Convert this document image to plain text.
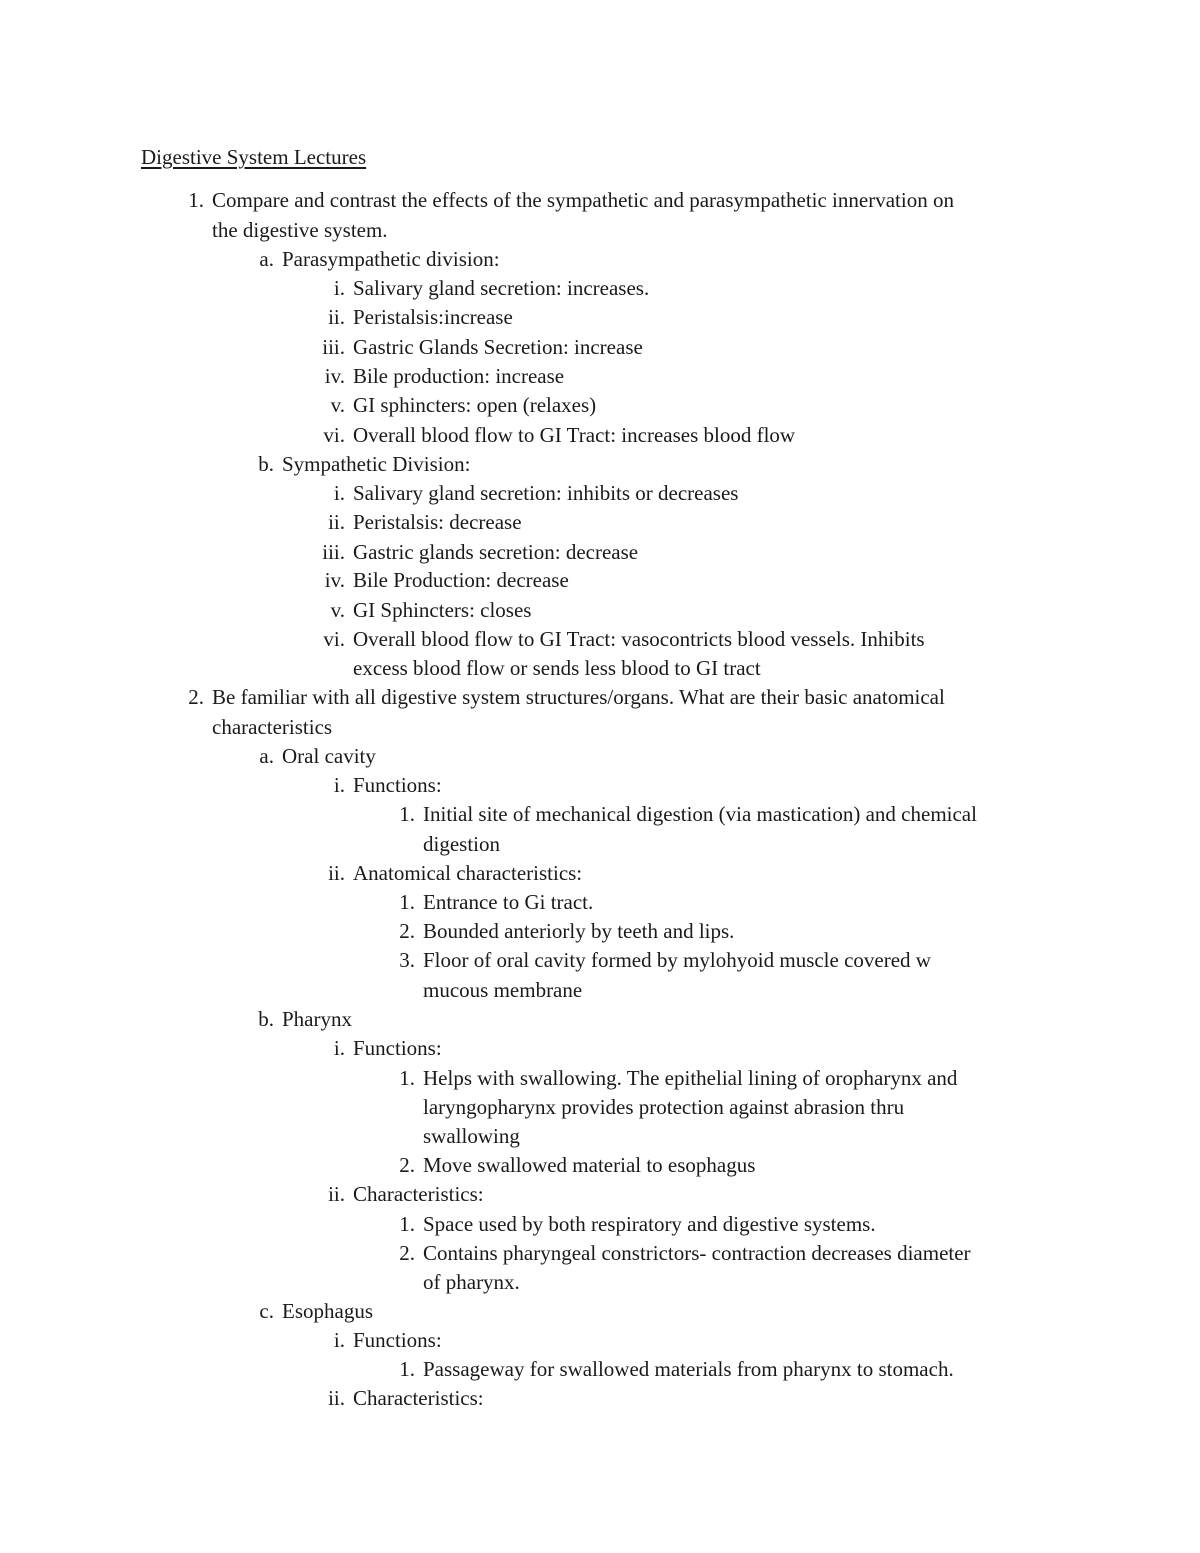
Digestive System Lectures
1. Compare and contrast the effects of the sympathetic and parasympathetic innervation on
the digestive system.
a. Parasympathetic division:
i. Salivary gland secretion: increases.
ii. Peristalsis:increase
iii. Gastric Glands Secretion: increase
iv. Bile production: increase
v. GI sphincters: open (relaxes)
vi. Overall blood flow to GI Tract: increases blood flow
b. Sympathetic Division:
i. Salivary gland secretion: inhibits or decreases
ii. Peristalsis: decrease
iii. Gastric glands secretion: decrease
iv. Bile Production: decrease
v. GI Sphincters: closes
vi. Overall blood flow to GI Tract: vasocontricts blood vessels. Inhibits
excess blood flow or sends less blood to GI tract
2. Be familiar with all digestive system structures/organs. What are their basic anatomical
characteristics
a. Oral cavity
i. Functions:
1. Initial site of mechanical digestion (via mastication) and chemical
digestion
ii. Anatomical characteristics:
1. Entrance to Gi tract.
2. Bounded anteriorly by teeth and lips.
3. Floor of oral cavity formed by mylohyoid muscle covered w
mucous membrane
b. Pharynx
i. Functions:
1. Helps with swallowing. The epithelial lining of oropharynx and
laryngopharynx provides protection against abrasion thru
swallowing
2. Move swallowed material to esophagus
ii. Characteristics:
1. Space used by both respiratory and digestive systems.
2. Contains pharyngeal constrictors- contraction decreases diameter
of pharynx.
c. Esophagus
i. Functions:
1. Passageway for swallowed materials from pharynx to stomach.
ii. Characteristics:
